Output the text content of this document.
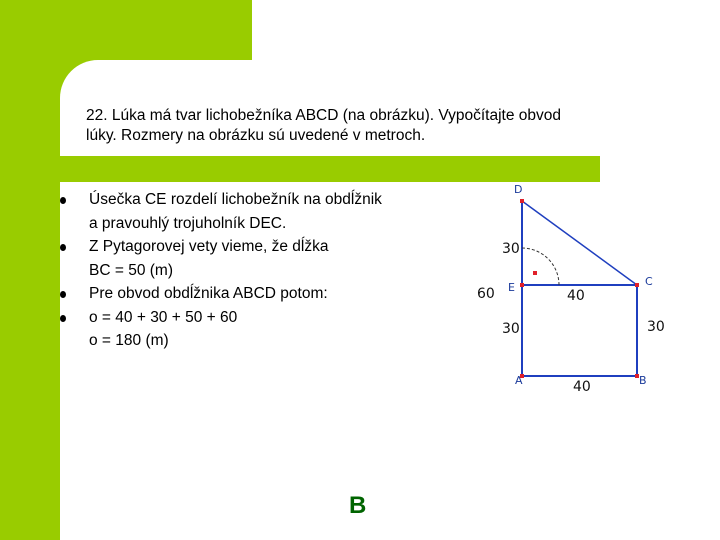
22. Lúka má tvar lichobežníka ABCD (na obrázku). Vypočítajte obvod
lúky. Rozmery na obrázku sú uvedené v metroch.
Úsečka CE rozdelí lichobežník na obdĺžnik
a pravouhlý trojuholník DEC.
Z Pytagorovej vety vieme, že dĺžka
BC = 50 (m)
Pre obvod obdĺžnika ABCD potom:
o = 40 + 30 + 50 + 60
o = 180 (m)
B
D
E	C
A	B
30
60
30
40
30
40
